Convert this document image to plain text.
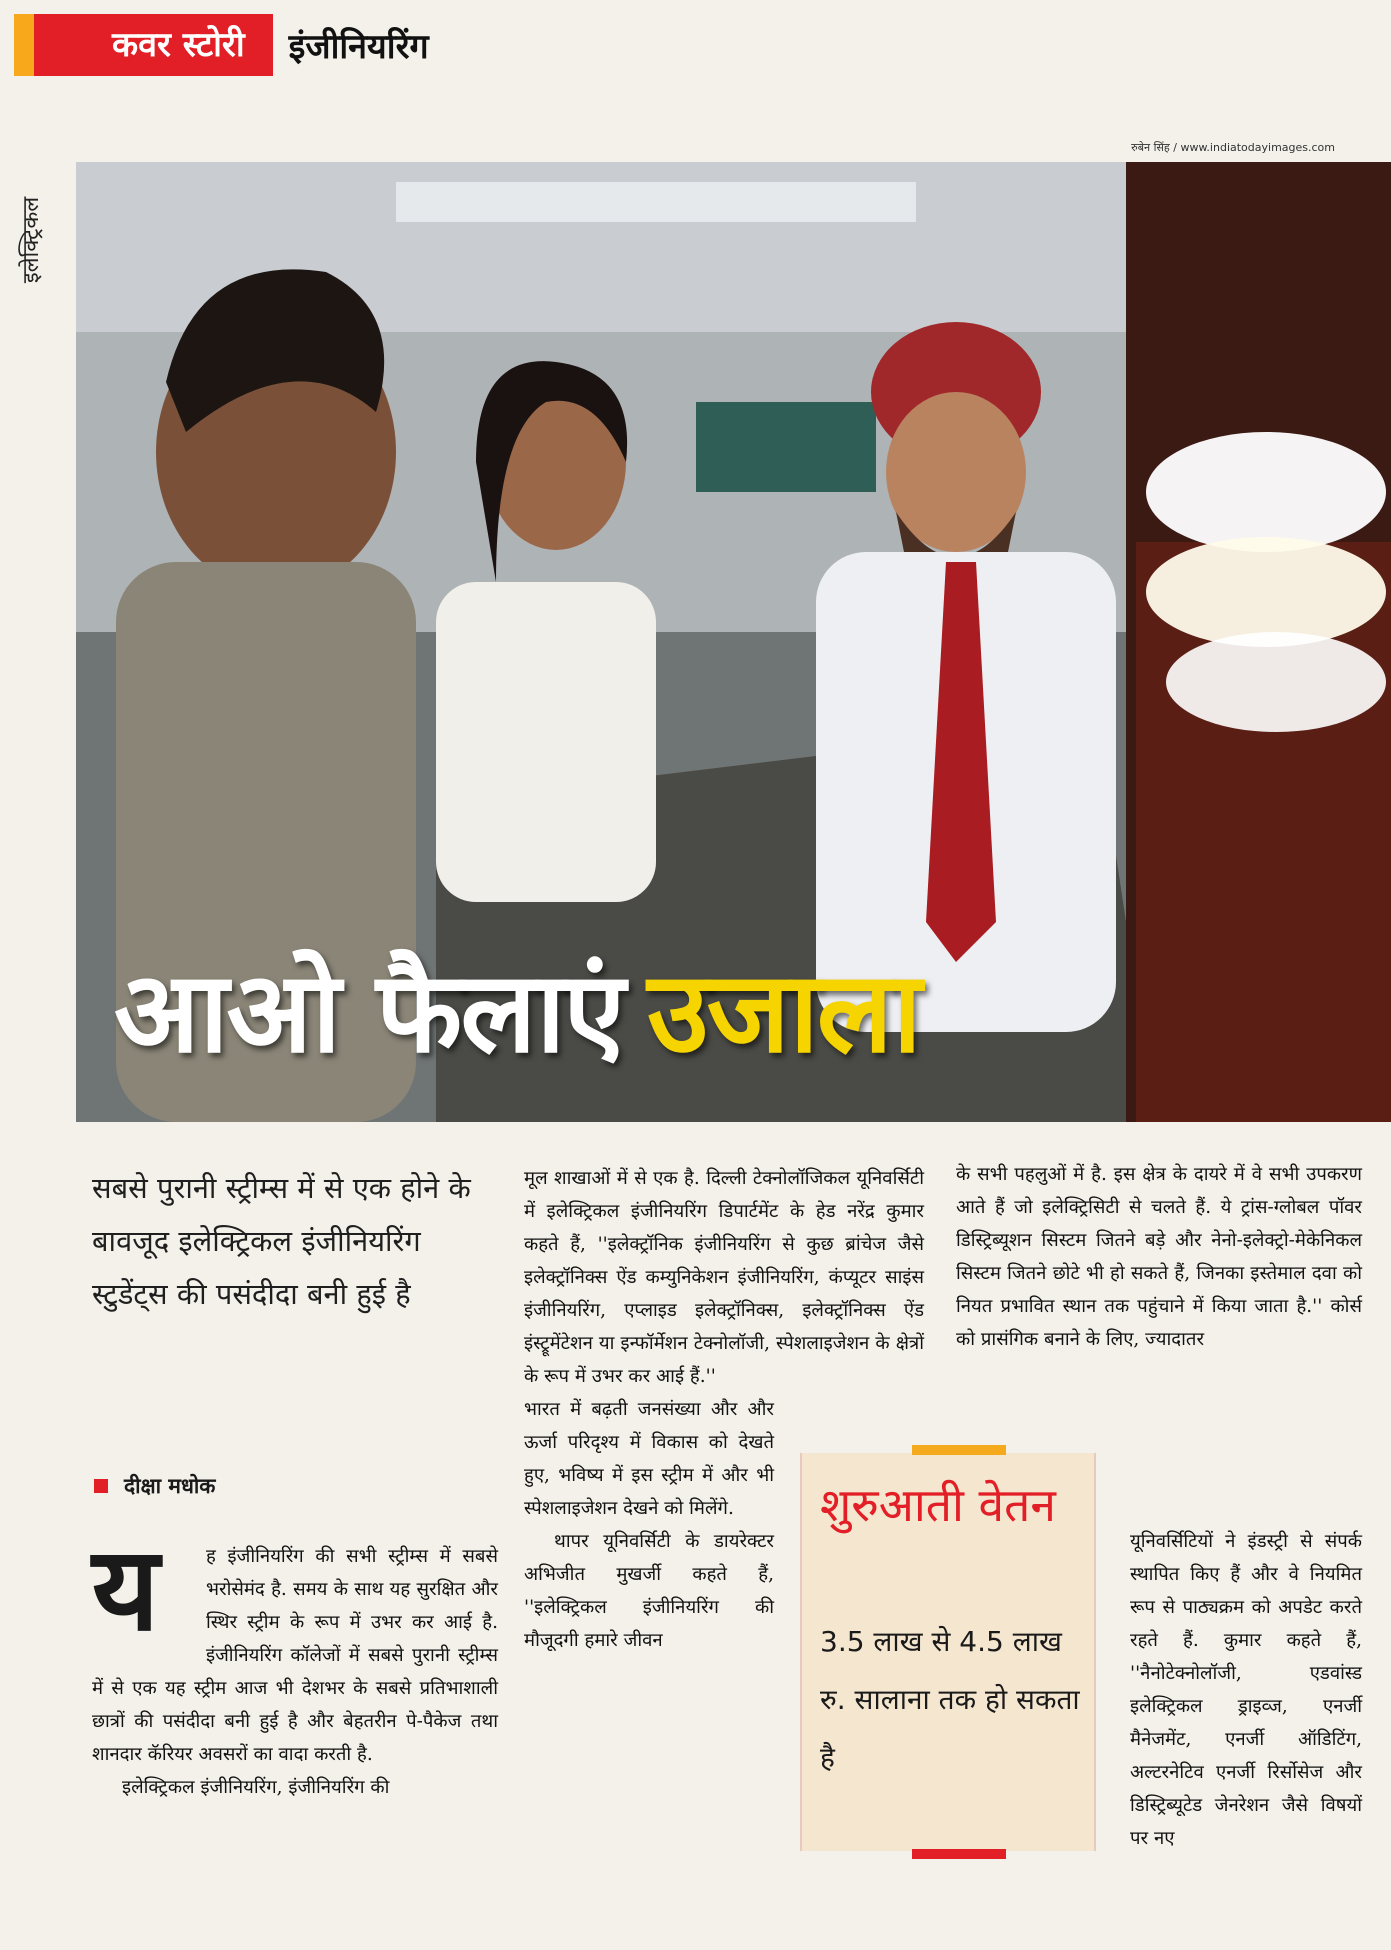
कवर स्टोरी	इंजीनियरिंग
इलेक्ट्रिकल
रुबेन सिंह / www.indiatodayimages.com
आओ फैलाएं उजाला
सबसे पुरानी स्ट्रीम्स में से एक होने के बावजूद इलेक्ट्रिकल इंजीनियरिंग स्टुडेंट्स की पसंदीदा बनी हुई है
दीक्षा मधोक
य	ह इंजीनियरिंग की सभी स्ट्रीम्स में सबसे भरोसेमंद है. समय के साथ यह सुरक्षित और स्थिर स्ट्रीम के रूप में उभर कर आई है. इंजीनियरिंग कॉलेजों में सबसे पुरानी स्ट्रीम्स में से एक यह स्ट्रीम आज भी देशभर के सबसे प्रतिभाशाली छात्रों की पसंदीदा बनी हुई है और बेहतरीन पे-पैकेज तथा शानदार कॅरियर अवसरों का वादा करती है.

इलेक्ट्रिकल इंजीनियरिंग, इंजीनियरिंग की

मूल शाखाओं में से एक है. दिल्ली टेक्नोलॉजिकल यूनिवर्सिटी में इलेक्ट्रिकल इंजीनियरिंग डिपार्टमेंट के हेड नरेंद्र कुमार कहते हैं, ''इलेक्ट्रॉनिक इंजीनियरिंग से कुछ ब्रांचेज जैसे इलेक्ट्रॉनिक्स ऐंड कम्युनिकेशन इंजीनियरिंग, कंप्यूटर साइंस इंजीनियरिंग, एप्लाइड इलेक्ट्रॉनिक्स, इलेक्ट्रॉनिक्स ऐंड इंस्ट्रूमेंटेशन या इन्फॉर्मेशन टेक्नोलॉजी, स्पेशलाइजेशन के क्षेत्रों के रूप में उभर कर आई हैं.''

भारत में बढ़ती जनसंख्या और और ऊर्जा परिदृश्य में विकास को देखते हुए, भविष्य में इस स्ट्रीम में और भी स्पेशलाइजेशन देखने को मिलेंगे.

थापर यूनिवर्सिटी के डायरेक्टर अभिजीत मुखर्जी कहते हैं, ''इलेक्ट्रिकल इंजीनियरिंग की मौजूदगी हमारे जीवन

के सभी पहलुओं में है. इस क्षेत्र के दायरे में वे सभी उपकरण आते हैं जो इलेक्ट्रिसिटी से चलते हैं. ये ट्रांस-ग्लोबल पॉवर डिस्ट्रिब्यूशन सिस्टम जितने बड़े और नेनो-इलेक्ट्रो-मेकेनिकल सिस्टम जितने छोटे भी हो सकते हैं, जिनका इस्तेमाल दवा को नियत प्रभावित स्थान तक पहुंचाने में किया जाता है.'' कोर्स को प्रासंगिक बनाने के लिए, ज्यादातर

यूनिवर्सिटियों ने इंडस्ट्री से संपर्क स्थापित किए हैं और वे नियमित रूप से पाठ्यक्रम को अपडेट करते रहते हैं. कुमार कहते हैं, ''नैनोटेक्नोलॉजी, एडवांस्ड इलेक्ट्रिकल ड्राइव्ज, एनर्जी मैनेजमेंट, एनर्जी ऑडिटिंग, अल्टरनेटिव एनर्जी रिर्सोसेज और डिस्ट्रिब्यूटेड जेनरेशन जैसे विषयों पर नए

शुरुआती वेतन
3.5 लाख से 4.5 लाख रु. सालाना तक हो सकता है
